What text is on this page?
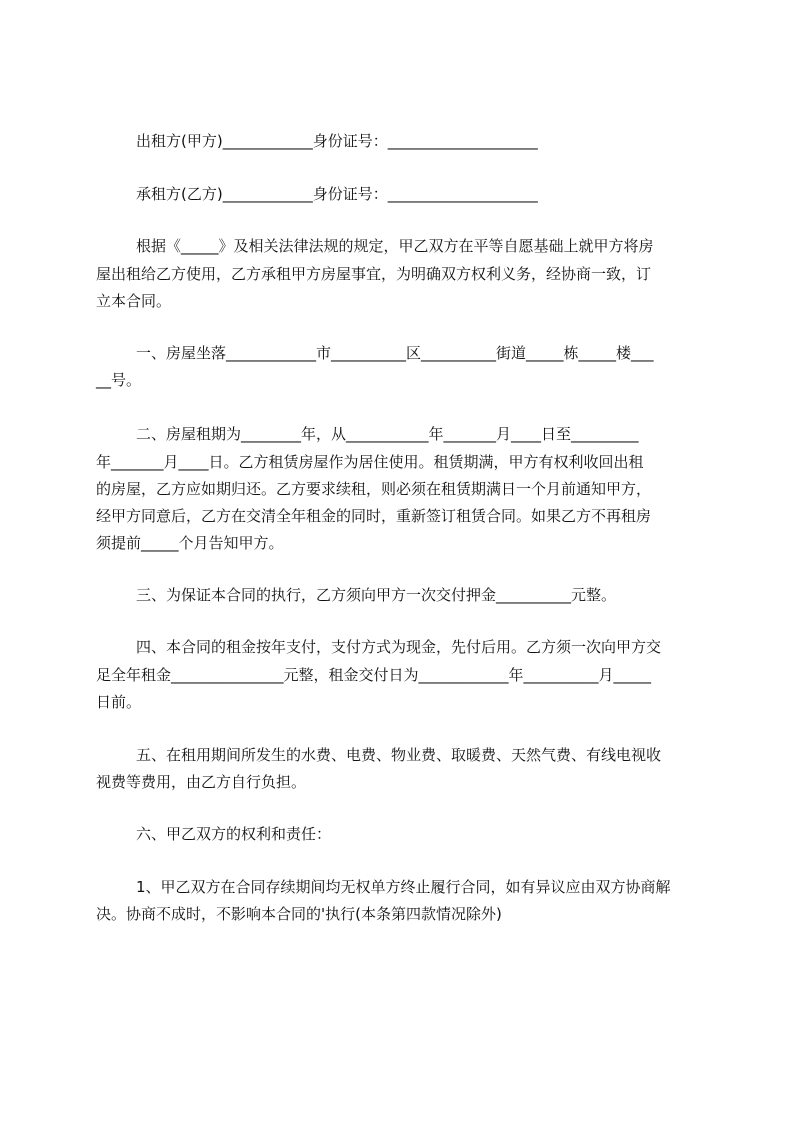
出租方(甲方)____________身份证号：____________________
承租方(乙方)____________身份证号：____________________
根据《_____》及相关法律法规的规定，甲乙双方在平等自愿基础上就甲方将房
屋出租给乙方使用，乙方承租甲方房屋事宜，为明确双方权利义务，经协商一致，订
立本合同。
一、房屋坐落____________市__________区__________街道_____栋_____楼___
__号。
二、房屋租期为________年，从___________年_______月____日至_________
年_______月____日。乙方租赁房屋作为居住使用。租赁期满，甲方有权利收回出租
的房屋，乙方应如期归还。乙方要求续租，则必须在租赁期满日一个月前通知甲方，
经甲方同意后，乙方在交清全年租金的同时，重新签订租赁合同。如果乙方不再租房
须提前_____个月告知甲方。
三、为保证本合同的执行，乙方须向甲方一次交付押金__________元整。
四、本合同的租金按年支付，支付方式为现金，先付后用。乙方须一次向甲方交
足全年租金_______________元整，租金交付日为____________年__________月_____
日前。
五、在租用期间所发生的水费、电费、物业费、取暖费、天然气费、有线电视收
视费等费用，由乙方自行负担。
六、甲乙双方的权利和责任：
1、甲乙双方在合同存续期间均无权单方终止履行合同，如有异议应由双方协商解
决。协商不成时，不影响本合同的'执行(本条第四款情况除外)
